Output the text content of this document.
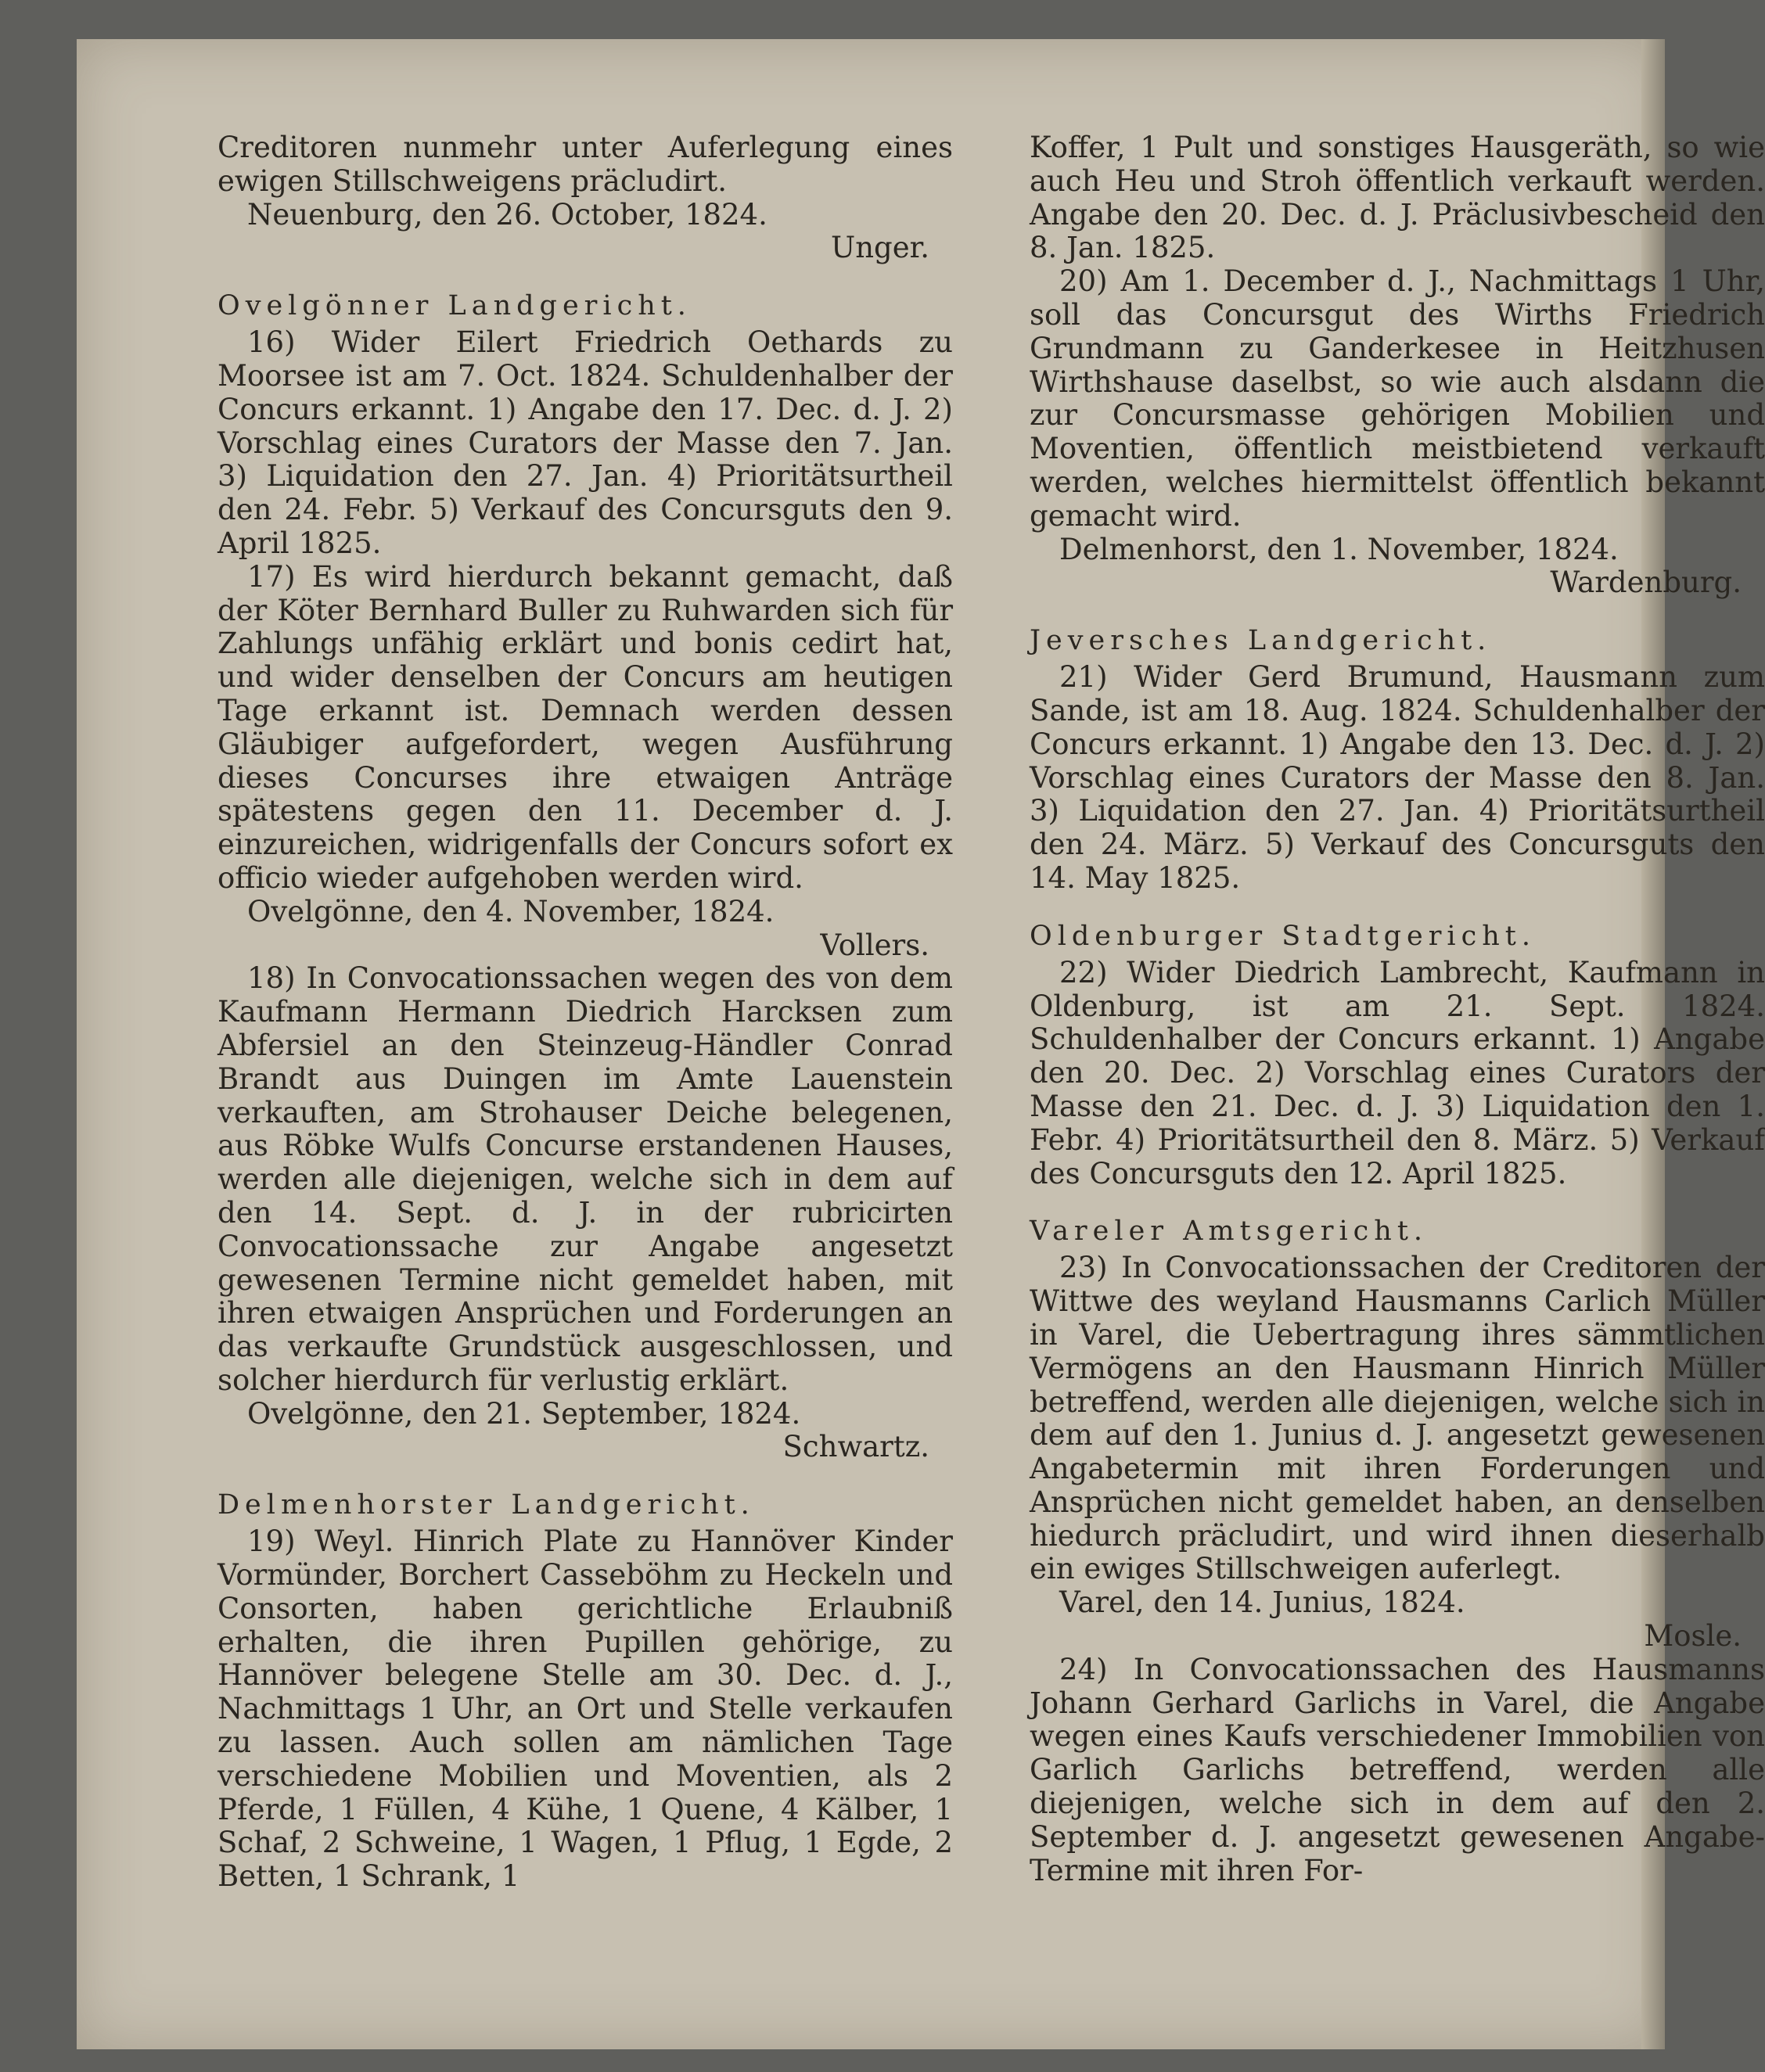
Creditoren nunmehr unter Auferlegung eines ewigen Stillschweigens präcludirt.

Neuenburg, den 26. October, 1824.

Unger.

Ovelgönner Landgericht.

16) Wider Eilert Friedrich Oethards zu Moorsee ist am 7. Oct. 1824. Schuldenhalber der Concurs erkannt. 1) Angabe den 17. Dec. d. J. 2) Vorschlag eines Curators der Masse den 7. Jan. 3) Liquidation den 27. Jan. 4) Prioritätsurtheil den 24. Febr. 5) Verkauf des Concursguts den 9. April 1825.

17) Es wird hierdurch bekannt gemacht, daß der Köter Bernhard Buller zu Ruhwarden sich für Zahlungs unfähig erklärt und bonis cedirt hat, und wider denselben der Concurs am heutigen Tage erkannt ist. Demnach werden dessen Gläubiger aufgefordert, wegen Ausführung dieses Concurses ihre etwaigen Anträge spätestens gegen den 11. December d. J. einzureichen, widrigenfalls der Concurs sofort ex officio wieder aufgehoben werden wird.

Ovelgönne, den 4. November, 1824.

Vollers.

18) In Convocationssachen wegen des von dem Kaufmann Hermann Diedrich Harcksen zum Abfersiel an den Steinzeug-Händler Conrad Brandt aus Duingen im Amte Lauenstein verkauften, am Strohauser Deiche belegenen, aus Röbke Wulfs Concurse erstandenen Hauses, werden alle diejenigen, welche sich in dem auf den 14. Sept. d. J. in der rubricirten Convocationssache zur Angabe angesetzt gewesenen Termine nicht gemeldet haben, mit ihren etwaigen Ansprüchen und Forderungen an das verkaufte Grundstück ausgeschlossen, und solcher hierdurch für verlustig erklärt.

Ovelgönne, den 21. September, 1824.

Schwartz.

Delmenhorster Landgericht.

19) Weyl. Hinrich Plate zu Hannöver Kinder Vormünder, Borchert Casseböhm zu Heckeln und Consorten, haben gerichtliche Erlaubniß erhalten, die ihren Pupillen gehörige, zu Hannöver belegene Stelle am 30. Dec. d. J., Nachmittags 1 Uhr, an Ort und Stelle verkaufen zu lassen. Auch sollen am nämlichen Tage verschiedene Mobilien und Moventien, als 2 Pferde, 1 Füllen, 4 Kühe, 1 Quene, 4 Kälber, 1 Schaf, 2 Schweine, 1 Wagen, 1 Pflug, 1 Egde, 2 Betten, 1 Schrank, 1

Koffer, 1 Pult und sonstiges Hausgeräth, so wie auch Heu und Stroh öffentlich verkauft werden. Angabe den 20. Dec. d. J. Präclusivbescheid den 8. Jan. 1825.

20) Am 1. December d. J., Nachmittags 1 Uhr, soll das Concursgut des Wirths Friedrich Grundmann zu Ganderkesee in Heitzhusen Wirthshause daselbst, so wie auch alsdann die zur Concursmasse gehörigen Mobilien und Moventien, öffentlich meistbietend verkauft werden, welches hiermittelst öffentlich bekannt gemacht wird.

Delmenhorst, den 1. November, 1824.

Wardenburg.

Jeversches Landgericht.

21) Wider Gerd Brumund, Hausmann zum Sande, ist am 18. Aug. 1824. Schuldenhalber der Concurs erkannt. 1) Angabe den 13. Dec. d. J. 2) Vorschlag eines Curators der Masse den 8. Jan. 3) Liquidation den 27. Jan. 4) Prioritätsurtheil den 24. März. 5) Verkauf des Concursguts den 14. May 1825.

Oldenburger Stadtgericht.

22) Wider Diedrich Lambrecht, Kaufmann in Oldenburg, ist am 21. Sept. 1824. Schuldenhalber der Concurs erkannt. 1) Angabe den 20. Dec. 2) Vorschlag eines Curators der Masse den 21. Dec. d. J. 3) Liquidation den 1. Febr. 4) Prioritätsurtheil den 8. März. 5) Verkauf des Concursguts den 12. April 1825.

Vareler Amtsgericht.

23) In Convocationssachen der Creditoren der Wittwe des weyland Hausmanns Carlich Müller in Varel, die Uebertragung ihres sämmtlichen Vermögens an den Hausmann Hinrich Müller betreffend, werden alle diejenigen, welche sich in dem auf den 1. Junius d. J. angesetzt gewesenen Angabetermin mit ihren Forderungen und Ansprüchen nicht gemeldet haben, an denselben hiedurch präcludirt, und wird ihnen dieserhalb ein ewiges Stillschweigen auferlegt.

Varel, den 14. Junius, 1824.

Mosle.

24) In Convocationssachen des Hausmanns Johann Gerhard Garlichs in Varel, die Angabe wegen eines Kaufs verschiedener Immobilien von Garlich Garlichs betreffend, werden alle diejenigen, welche sich in dem auf den 2. September d. J. angesetzt gewesenen Angabe-Termine mit ihren For-
